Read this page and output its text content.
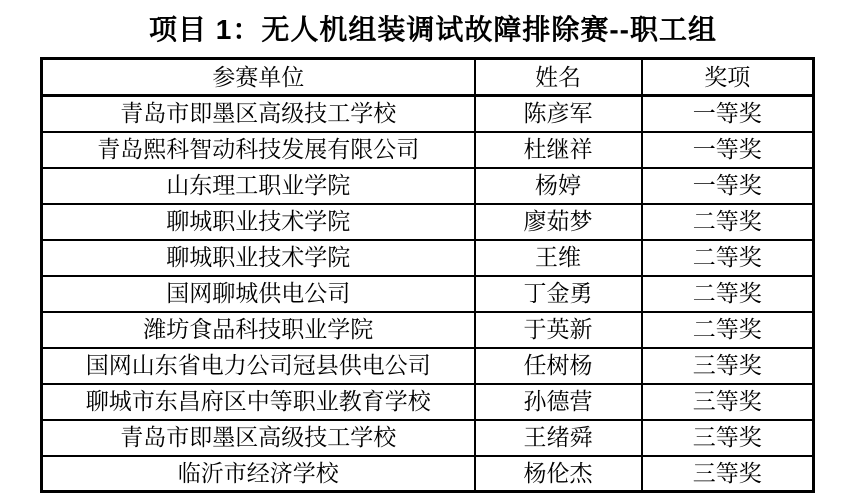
项目 1：无人机组装调试故障排除赛--职工组
参赛单位	姓名	奖项
青岛市即墨区高级技工学校	陈彦军	一等奖
青岛熙科智动科技发展有限公司	杜继祥	一等奖
山东理工职业学院	杨婷	一等奖
聊城职业技术学院	廖茹梦	二等奖
聊城职业技术学院	王维	二等奖
国网聊城供电公司	丁金勇	二等奖
潍坊食品科技职业学院	于英新	二等奖
国网山东省电力公司冠县供电公司	任树杨	三等奖
聊城市东昌府区中等职业教育学校	孙德营	三等奖
青岛市即墨区高级技工学校	王绪舜	三等奖
临沂市经济学校	杨伦杰	三等奖
